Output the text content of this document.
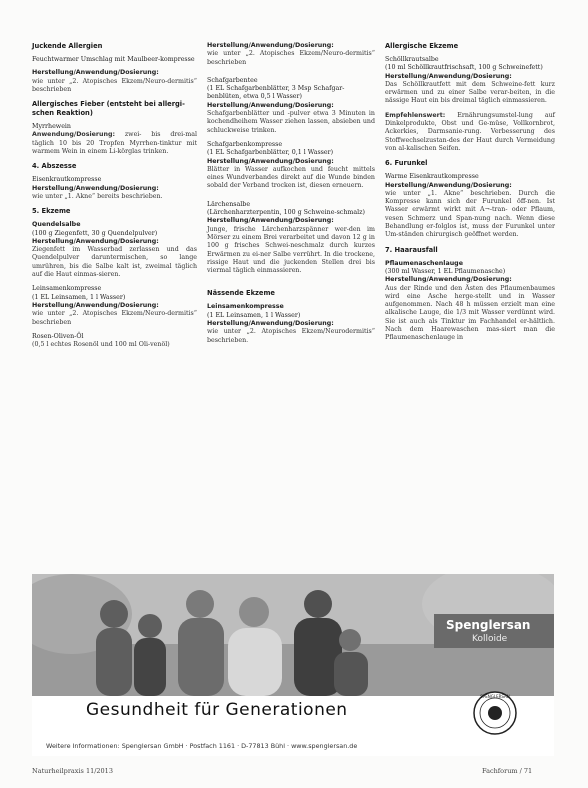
Juckende Allergien
Feuchtwarmer Umschlag mit Maulbeer-kompresse
Herstellung/Anwendung/Dosierung:
wie unter „2. Atopisches Ekzem/Neuro-dermitis“ beschrieben
Allergisches Fieber (entsteht bei allergi-schen Reaktion)
Myrrhewein
Anwendung/Dosierung: zwei- bis drei-mal täglich 10 bis 20 Tropfen Myrrhen-tinktur mit warmem Wein in einem Li-körglas trinken.
4. Abszesse
Eisenkrautkompresse
Herstellung/Anwendung/Dosierung:
wie unter „1. Akne“ bereits beschrieben.
5. Ekzeme
Quendelsalbe
(100 g Ziegenfett, 30 g Quendelpulver)
Herstellung/Anwendung/Dosierung:
Ziegenfett im Wasserbad zerlassen und das Quendelpulver daruntermischen, so lange umrühren, bis die Salbe kalt ist, zweimal täglich auf die Haut einmas-sieren.
Leinsamenkompresse
(1 EL Leinsamen, 1 l Wasser)
Herstellung/Anwendung/Dosierung:
wie unter „2. Atopisches Ekzem/Neuro-dermitis“ beschrieben
Rosen-Oliven-Öl
(0,5 l echtes Rosenöl und 100 ml Oli-venöl)
Herstellung/Anwendung/Dosierung:
wie unter „2. Atopisches Ekzem/Neuro-dermitis“ beschrieben
Schafgarbentee
(1 EL Schafgarbenblätter, 3 Msp Schafgar-benblüten, etwa 0,5 l Wasser)
Herstellung/Anwendung/Dosierung:
Schafgarbenblätter und -pulver etwa 3 Minuten in kochendheihem Wasser ziehen lassen, absieben und schluckweise trinken.
Schafgarbenkompresse
(1 EL Schafgarbenblätter, 0,1 l Wasser)
Herstellung/Anwendung/Dosierung:
Blätter in Wasser aufkochen und feucht mittels eines Wundverbandes direkt auf die Wunde binden sobald der Verband trocken ist, diesen erneuern.
Lärchensalbe
(Lärchenharzterpentin, 100 g Schweine-schmalz)
Herstellung/Anwendung/Dosierung:
Junge, frische Lärchenharzspänner wer-den im Mörser zu einem Brei verarbeitet und davon 12 g in 100 g frisches Schwei-neschmalz durch kurzes Erwärmen zu ei-ner Salbe verrührt. In die trockene, rissige Haut und die juckenden Stellen drei bis viermal täglich einmassieren.
Nässende Ekzeme
Leinsamenkompresse
(1 EL Leinsamen, 1 l Wasser)
Herstellung/Anwendung/Dosierung:
wie unter „2. Atopisches Ekzem/Neurodermitis“ beschrieben.
Allergische Ekzeme
Schöllkrautsalbe
(10 ml Schöllkrautfrischsaft, 100 g Schweinefett)
Herstellung/Anwendung/Dosierung:
Das Schöllkrautfett mit dem Schweine-fett kurz erwärmen und zu einer Salbe verar-beiten, in die nässige Haut ein bis dreimal täglich einmassieren.
Empfehlenswert: Ernährungsumstel-lung auf Dinkelprodukte, Obst und Ge-müse, Vollkornbrot, Ackerkies, Darmsanie-rung. Verbesserung des Stoffwechselzustan-des der Haut durch Vermeidung von al-kalischen Seifen.
6. Furunkel
Warme Eisenkrautkompresse
Herstellung/Anwendung/Dosierung:
wie unter „1. Akne“ beschrieben. Durch die Kompresse kann sich der Furunkel öff-nen. Ist Wasser erwärmt wirkt mit A¬-tran- oder Pflaum, vesen Schmerz und Span-nung nach. Wenn diese Behandlung er-folglos ist, muss der Furunkel unter Um-ständen chirurgisch geöffnet werden.
7. Haarausfall
Pflaumenaschenlauge
(300 ml Wasser, 1 EL Pflaumenasche)
Herstellung/Anwendung/Dosierung:
Aus der Rinde und den Ästen des Pflaumenbaumes wird eine Asche herge-stellt und in Wasser aufgenommen. Nach 48 h müssen erzielt man eine alkalische Lauge, die 1/3 mit Wasser verdünnt wird. Sie ist auch als Tinktur im Fachhandel er-hältlich. Nach dem Haarewaschen mas-siert man die Pflaumenaschenlauge in
Spenglersan
Kolloide
Gesundheit für Generationen
SPENGLERSAN
Weitere Informationen: Spenglersan GmbH · Postfach 1161 · D-77813 Bühl · www.spenglersan.de
Naturheilpraxis 11/2013	Fachforum / 71
